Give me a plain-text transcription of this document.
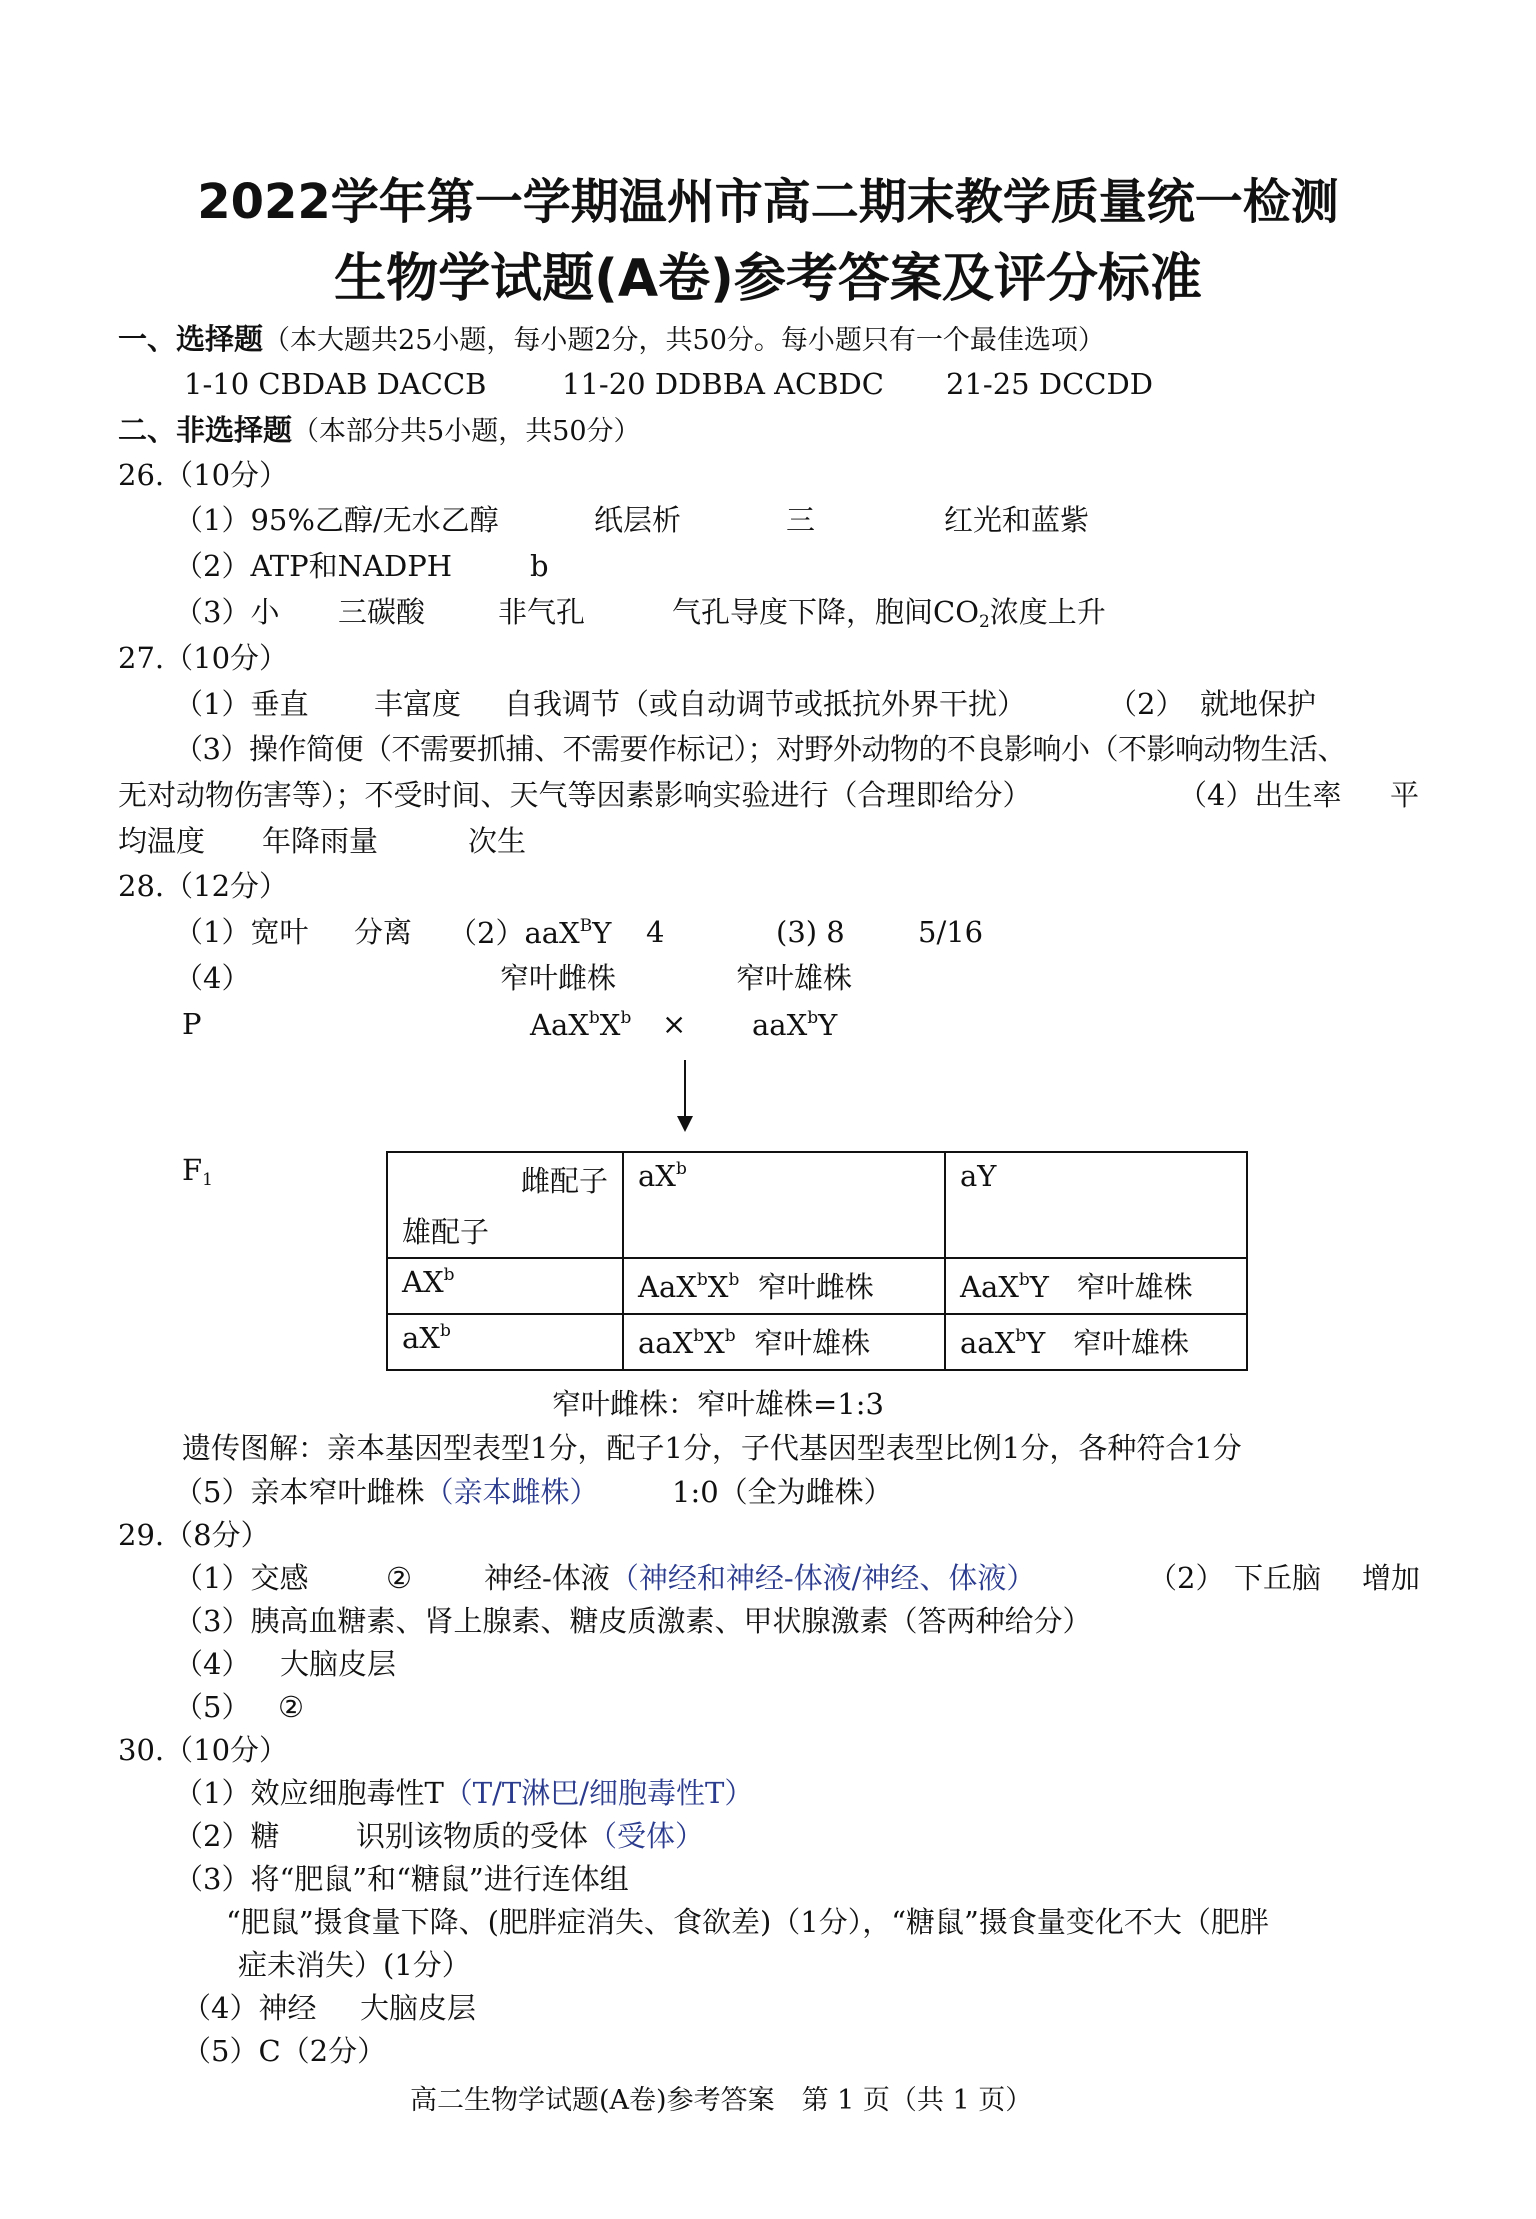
2022学年第一学期温州市高二期末教学质量统一检测
生物学试题(A卷)参考答案及评分标准
一、选择题（本大题共25小题，每小题2分，共50分。每小题只有一个最佳选项）
1-10 CBDAB DACCB	11-20 DDBBA ACBDC 21-25 DCCDD
二、非选择题（本部分共5小题，共50分）
26.（10分）
（1）95%乙醇/无水乙醇	纸层析	三	红光和蓝紫
（2）ATP和NADPH	b
（3）小 三碳酸	非气孔	气孔导度下降，胞间$CO_2$浓度上升
27.（10分）
（1）垂直 丰富度 自我调节（或自动调节或抵抗外界干扰）	（2） 就地保护
（3）操作简便（不需要抓捕、不需要作标记）；对野外动物的不良影响小（不影响动物生活、
无对动物伤害等）；不受时间、天气等因素影响实验进行（合理即给分）	（4）出生率 平
均温度 年降雨量	次生
28.（12分）
（1）宽叶 分离 （2）aaX$^B$Y 4	(3) 8	5/16
（4）	窄叶雌株	窄叶雄株
P	$AaX^bX^b \times aaX^bY$
$F_1$	雌配子
雄配子	$aX^b$	aY
$AX^b$	$AaX^bX^b$ 窄叶雌株	AaX$^b$Y 窄叶雄株
$aX^b$	$aaX^bX^b$ 窄叶雄株	aaX$^b$Y 窄叶雄株
窄叶雌株：窄叶雄株=1:3
遗传图解：亲本基因型表型1分，配子1分，子代基因型表型比例1分，各种符合1分
（5）亲本窄叶雌株（亲本雌株）	1:0（全为雌株）
29.（8分）
（1）交感	② 神经-体液（神经和神经-体液/神经、体液）	（2） 下丘脑 增加
（3）胰高血糖素、肾上腺素、糖皮质激素、甲状腺激素（答两种给分）
（4） 大脑皮层
（5） ②
30.（10分）
（1）效应细胞毒性T（T/T淋巴/细胞毒性T）
（2）糖	识别该物质的受体（受体）
（3）将“肥鼠”和“糖鼠”进行连体组
“肥鼠”摄食量下降、(肥胖症消失、食欲差)（1分），“糖鼠”摄食量变化不大（肥胖
症未消失）(1分）
（4）神经 大脑皮层
（5）C（2分）
高二生物学试题(A卷)参考答案　第 1 页（共 1 页）
